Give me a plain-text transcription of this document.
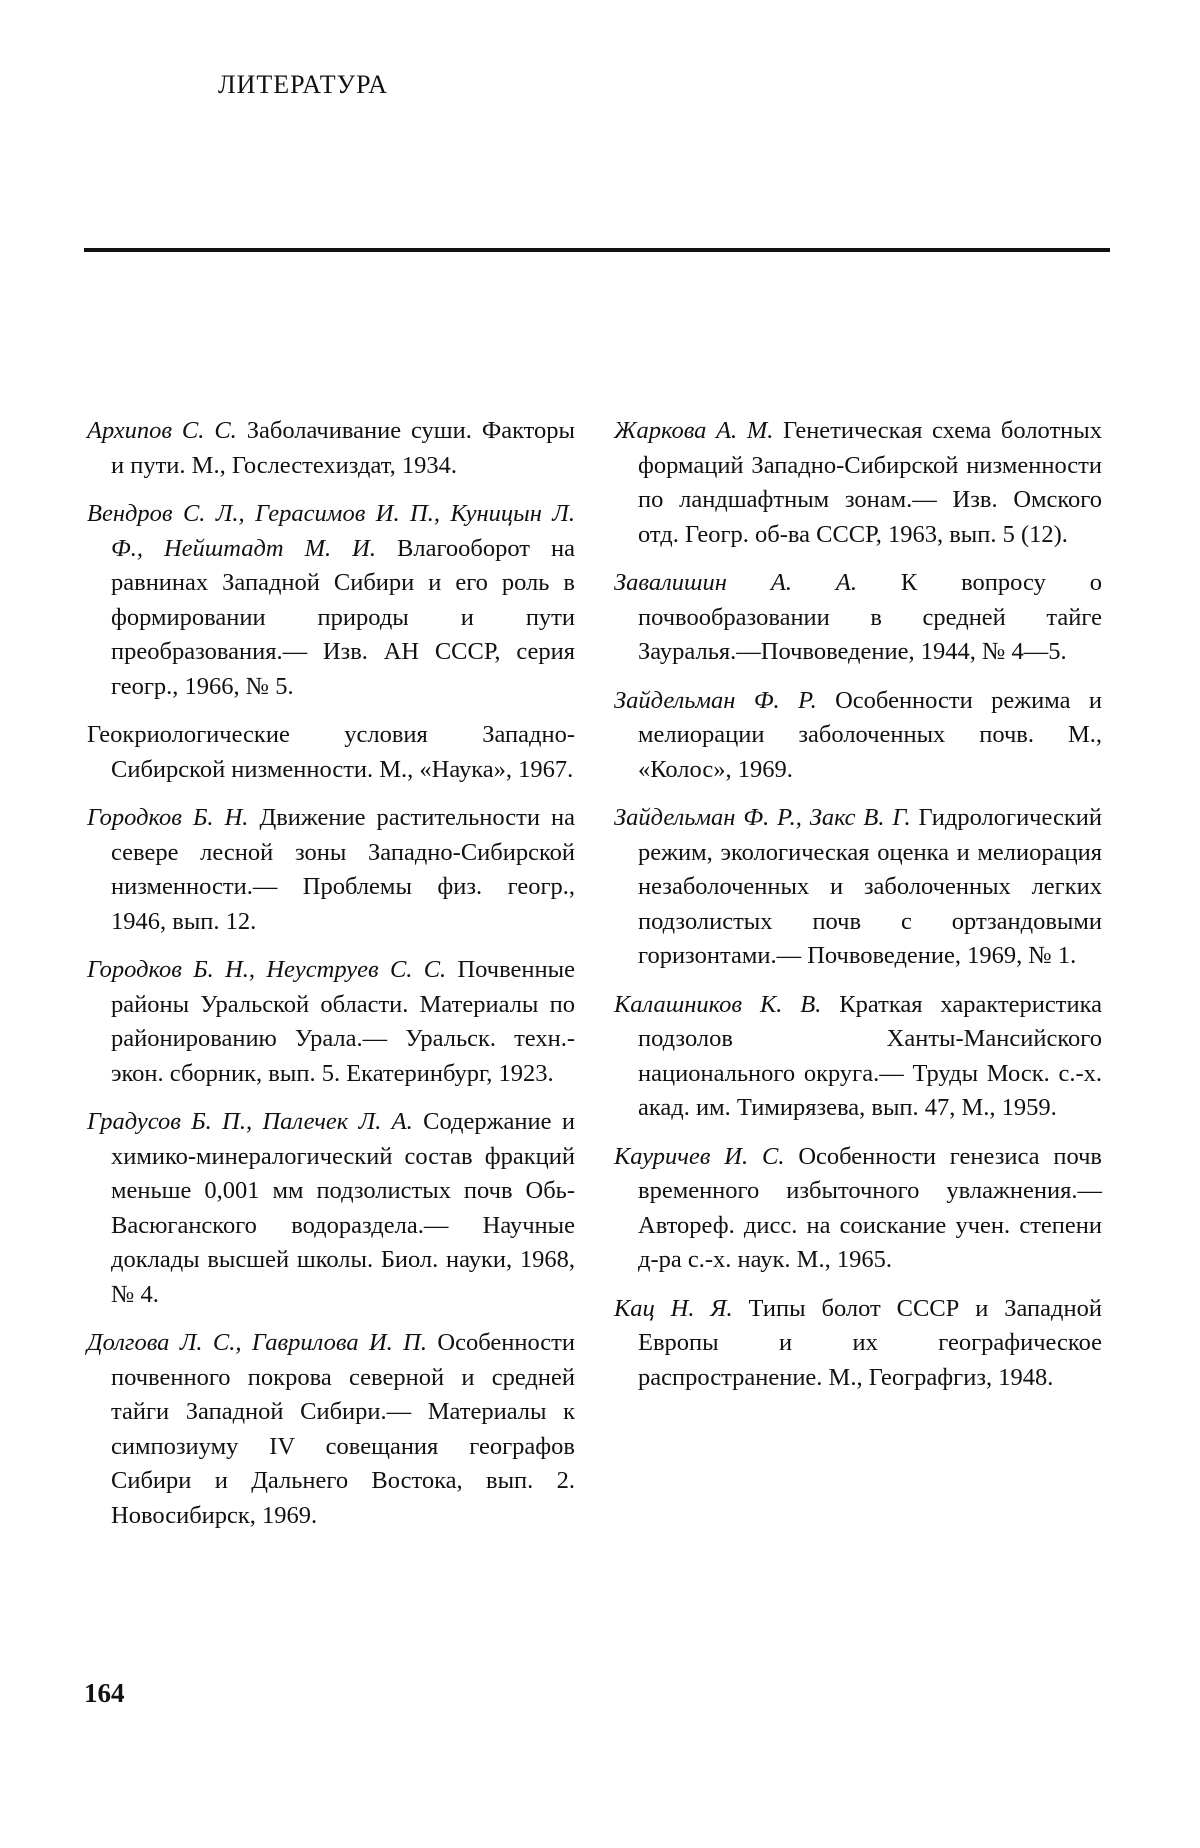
ЛИТЕРАТУРА

Архипов С. С. Заболачивание суши. Факторы и пути. М., Гослестехиздат, 1934.

Вендров С. Л., Герасимов И. П., Куницын Л. Ф., Нейштадт М. И. Влагооборот на равнинах Западной Сибири и его роль в формировании природы и пути преобразования.— Изв. АН СССР, серия геогр., 1966, № 5.

Геокриологические условия Западно-Сибирской низменности. М., «Наука», 1967.

Городков Б. Н. Движение растительности на севере лесной зоны Западно-Сибирской низменности.— Проблемы физ. геогр., 1946, вып. 12.

Городков Б. Н., Неуструев С. С. Почвенные районы Уральской области. Материалы по районированию Урала.— Уральск. техн.-экон. сборник, вып. 5. Екатеринбург, 1923.

Градусов Б. П., Палечек Л. А. Содержание и химико-минералогический состав фракций меньше 0,001 мм подзолистых почв Обь-Васюганского водораздела.— Научные доклады высшей школы. Биол. науки, 1968, № 4.

Долгова Л. С., Гаврилова И. П. Особенности почвенного покрова северной и средней тайги Западной Сибири.— Материалы к симпозиуму IV совещания географов Сибири и Дальнего Востока, вып. 2. Новосибирск, 1969.

Жаркова А. М. Генетическая схема болотных формаций Западно-Сибирской низменности по ландшафтным зонам.— Изв. Омского отд. Геогр. об-ва СССР, 1963, вып. 5 (12).

Завалишин А. А. К вопросу о почвообразовании в средней тайге Зауралья.—Почвоведение, 1944, № 4—5.

Зайдельман Ф. Р. Особенности режима и мелиорации заболоченных почв. М., «Колос», 1969.

Зайдельман Ф. Р., Закс В. Г. Гидрологический режим, экологическая оценка и мелиорация незаболоченных и заболоченных легких подзолистых почв с ортзандовыми горизонтами.— Почвоведение, 1969, № 1.

Калашников К. В. Краткая характеристика подзолов Ханты-Мансийского национального округа.— Труды Моск. с.-х. акад. им. Тимирязева, вып. 47, М., 1959.

Кауричев И. С. Особенности генезиса почв временного избыточного увлажнения.— Автореф. дисс. на соискание учен. степени д-ра с.-х. наук. М., 1965.

Кац Н. Я. Типы болот СССР и Западной Европы и их географическое распространение. М., Географгиз, 1948.

164
